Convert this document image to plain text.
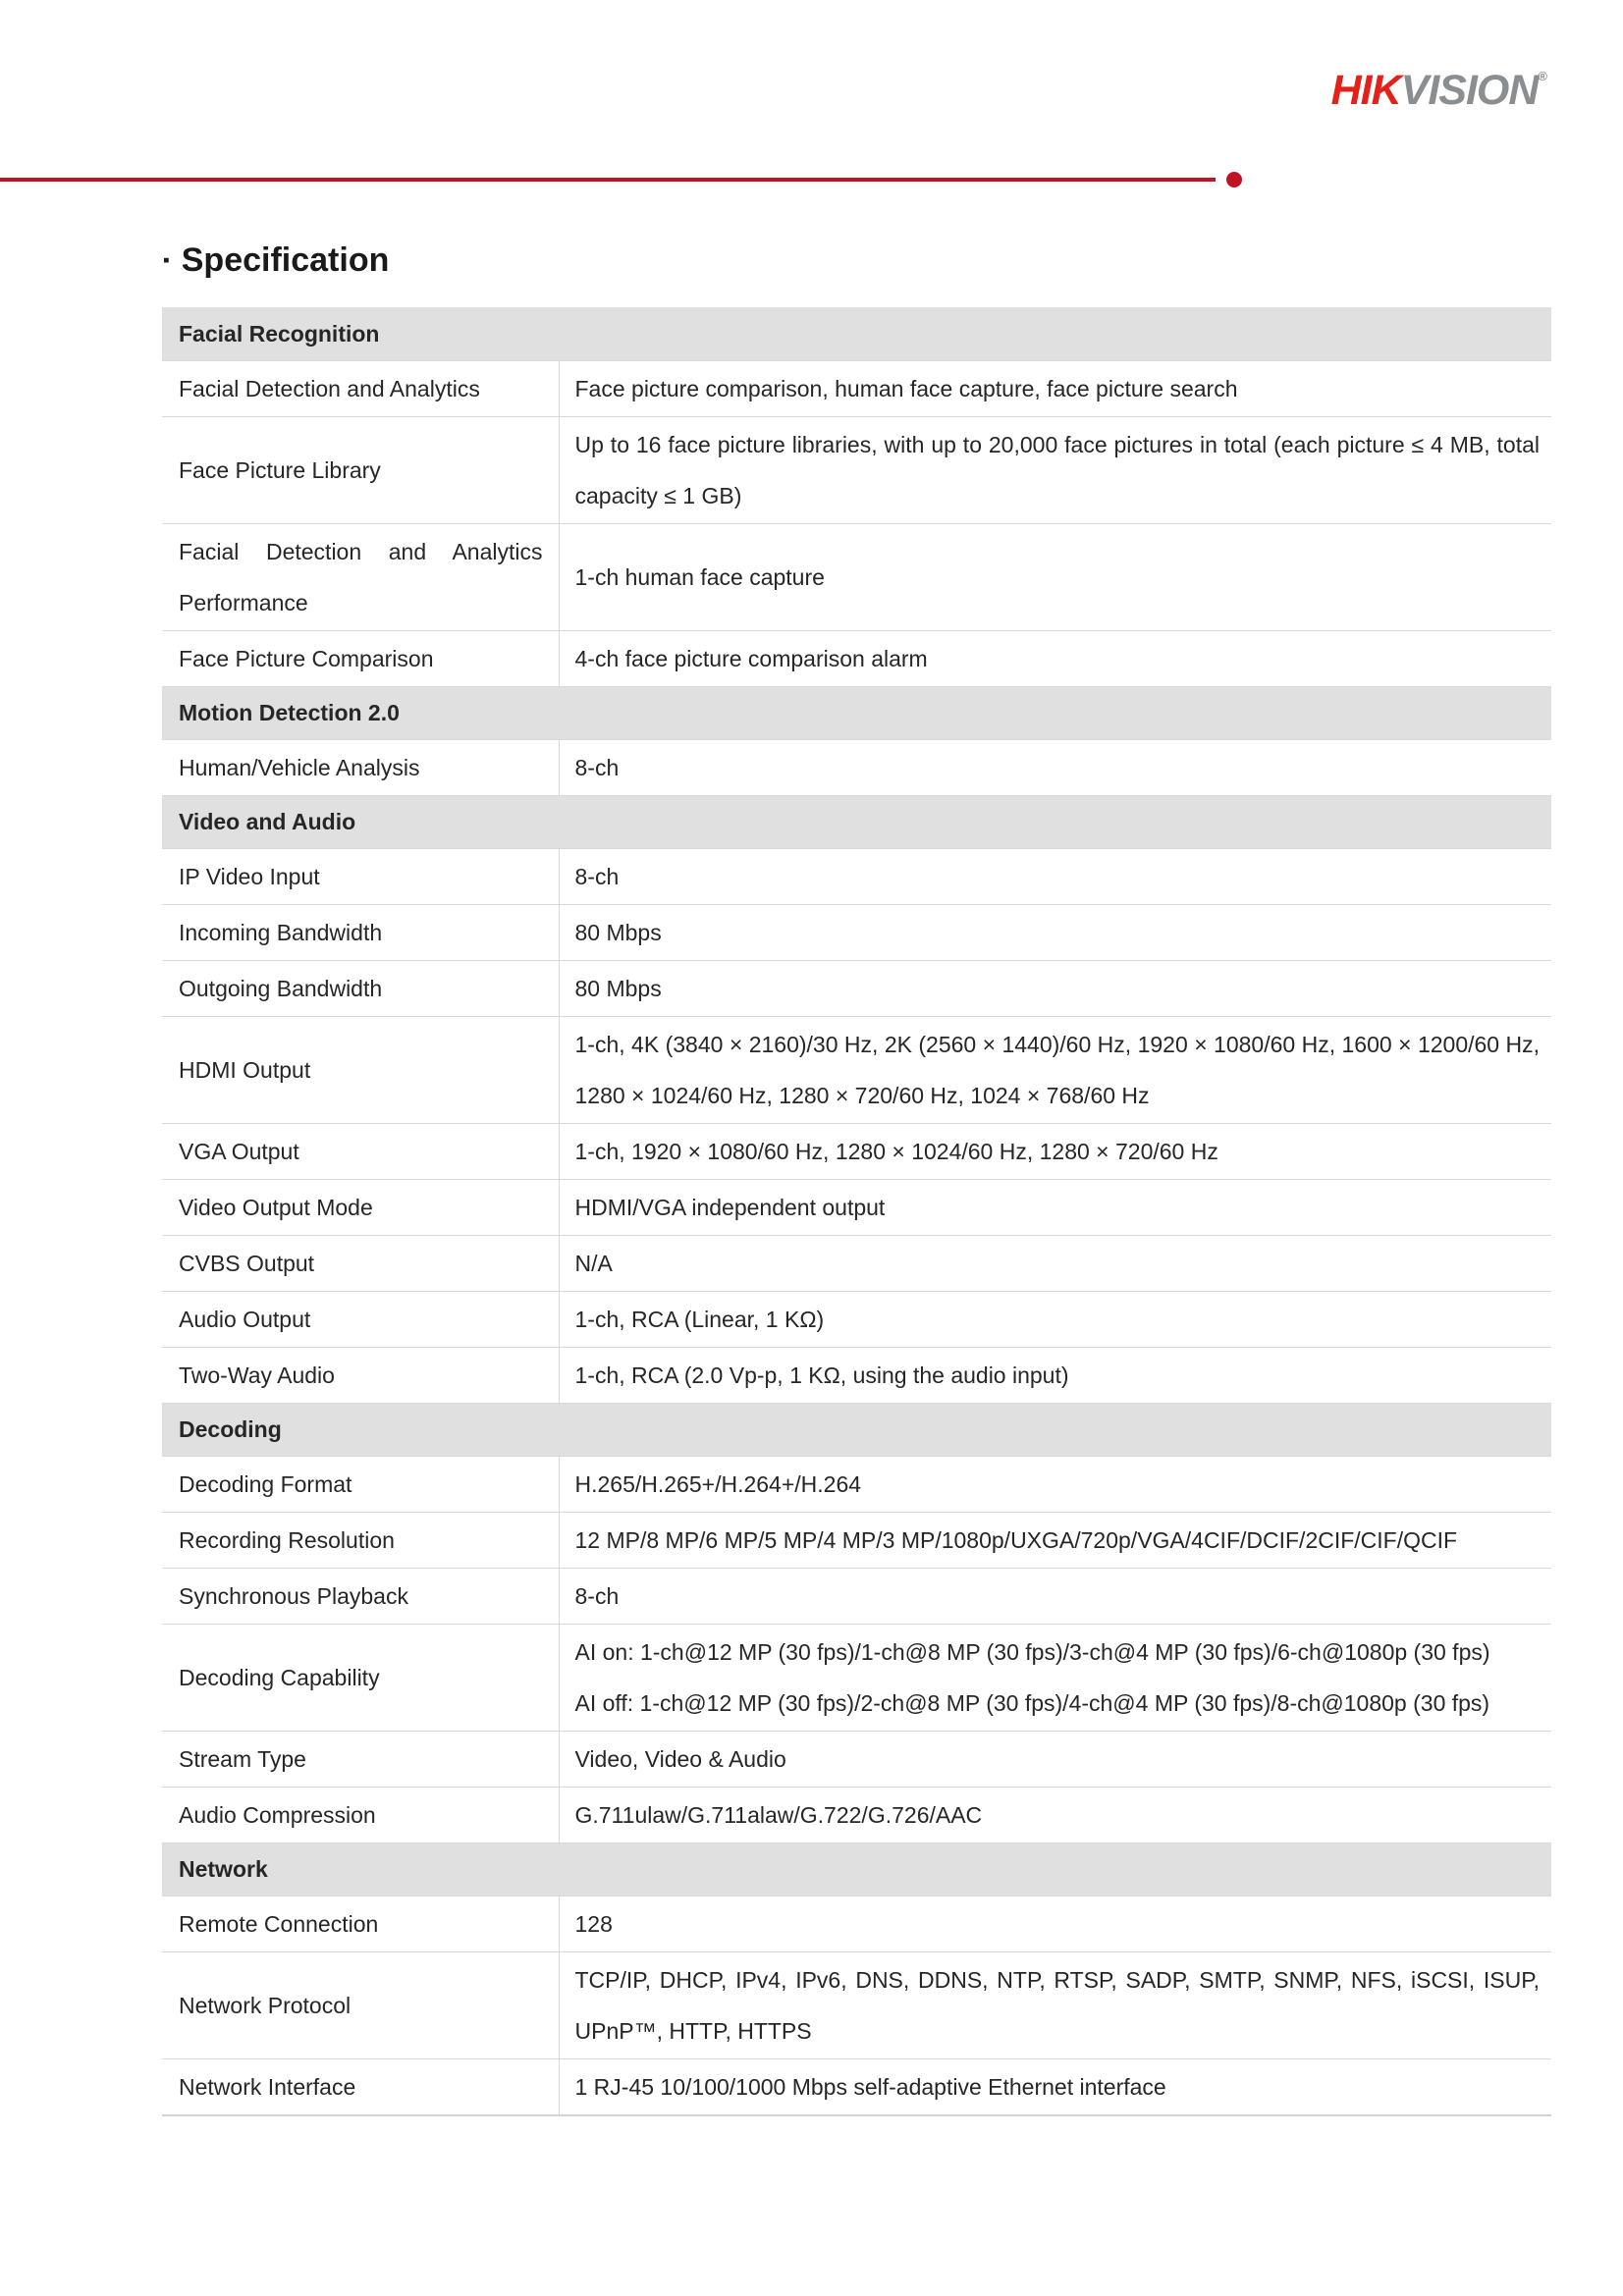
HIKVISION®
▪ Specification
Facial Recognition	
Facial Detection and Analytics	Face picture comparison, human face capture, face picture search
Face Picture Library	Up to 16 face picture libraries, with up to 20,000 face pictures in total (each picture ≤ 4 MB, total capacity ≤ 1 GB)
Facial Detection and Analytics Performance	1-ch human face capture
Face Picture Comparison	4-ch face picture comparison alarm
Motion Detection 2.0	
Human/Vehicle Analysis	8-ch
Video and Audio	
IP Video Input	8-ch
Incoming Bandwidth	80 Mbps
Outgoing Bandwidth	80 Mbps
HDMI Output	1-ch, 4K (3840 × 2160)/30 Hz, 2K (2560 × 1440)/60 Hz, 1920 × 1080/60 Hz, 1600 × 1200/60 Hz, 1280 × 1024/60 Hz, 1280 × 720/60 Hz, 1024 × 768/60 Hz
VGA Output	1-ch, 1920 × 1080/60 Hz, 1280 × 1024/60 Hz, 1280 × 720/60 Hz
Video Output Mode	HDMI/VGA independent output
CVBS Output	N/A
Audio Output	1-ch, RCA (Linear, 1 KΩ)
Two-Way Audio	1-ch, RCA (2.0 Vp-p, 1 KΩ, using the audio input)
Decoding	
Decoding Format	H.265/H.265+/H.264+/H.264
Recording Resolution	12 MP/8 MP/6 MP/5 MP/4 MP/3 MP/1080p/UXGA/720p/VGA/4CIF/DCIF/2CIF/CIF/QCIF
Synchronous Playback	8-ch
Decoding Capability	AI on: 1-ch@12 MP (30 fps)/1-ch@8 MP (30 fps)/3-ch@4 MP (30 fps)/6-ch@1080p (30 fps)
AI off: 1-ch@12 MP (30 fps)/2-ch@8 MP (30 fps)/4-ch@4 MP (30 fps)/8-ch@1080p (30 fps)

Stream Type	Video, Video & Audio
Audio Compression	G.711ulaw/G.711alaw/G.722/G.726/AAC
Network	
Remote Connection	128
Network Protocol	TCP/IP, DHCP, IPv4, IPv6, DNS, DDNS, NTP, RTSP, SADP, SMTP, SNMP, NFS, iSCSI, ISUP, UPnP™, HTTP, HTTPS
Network Interface	1 RJ-45 10/100/1000 Mbps self-adaptive Ethernet interface
